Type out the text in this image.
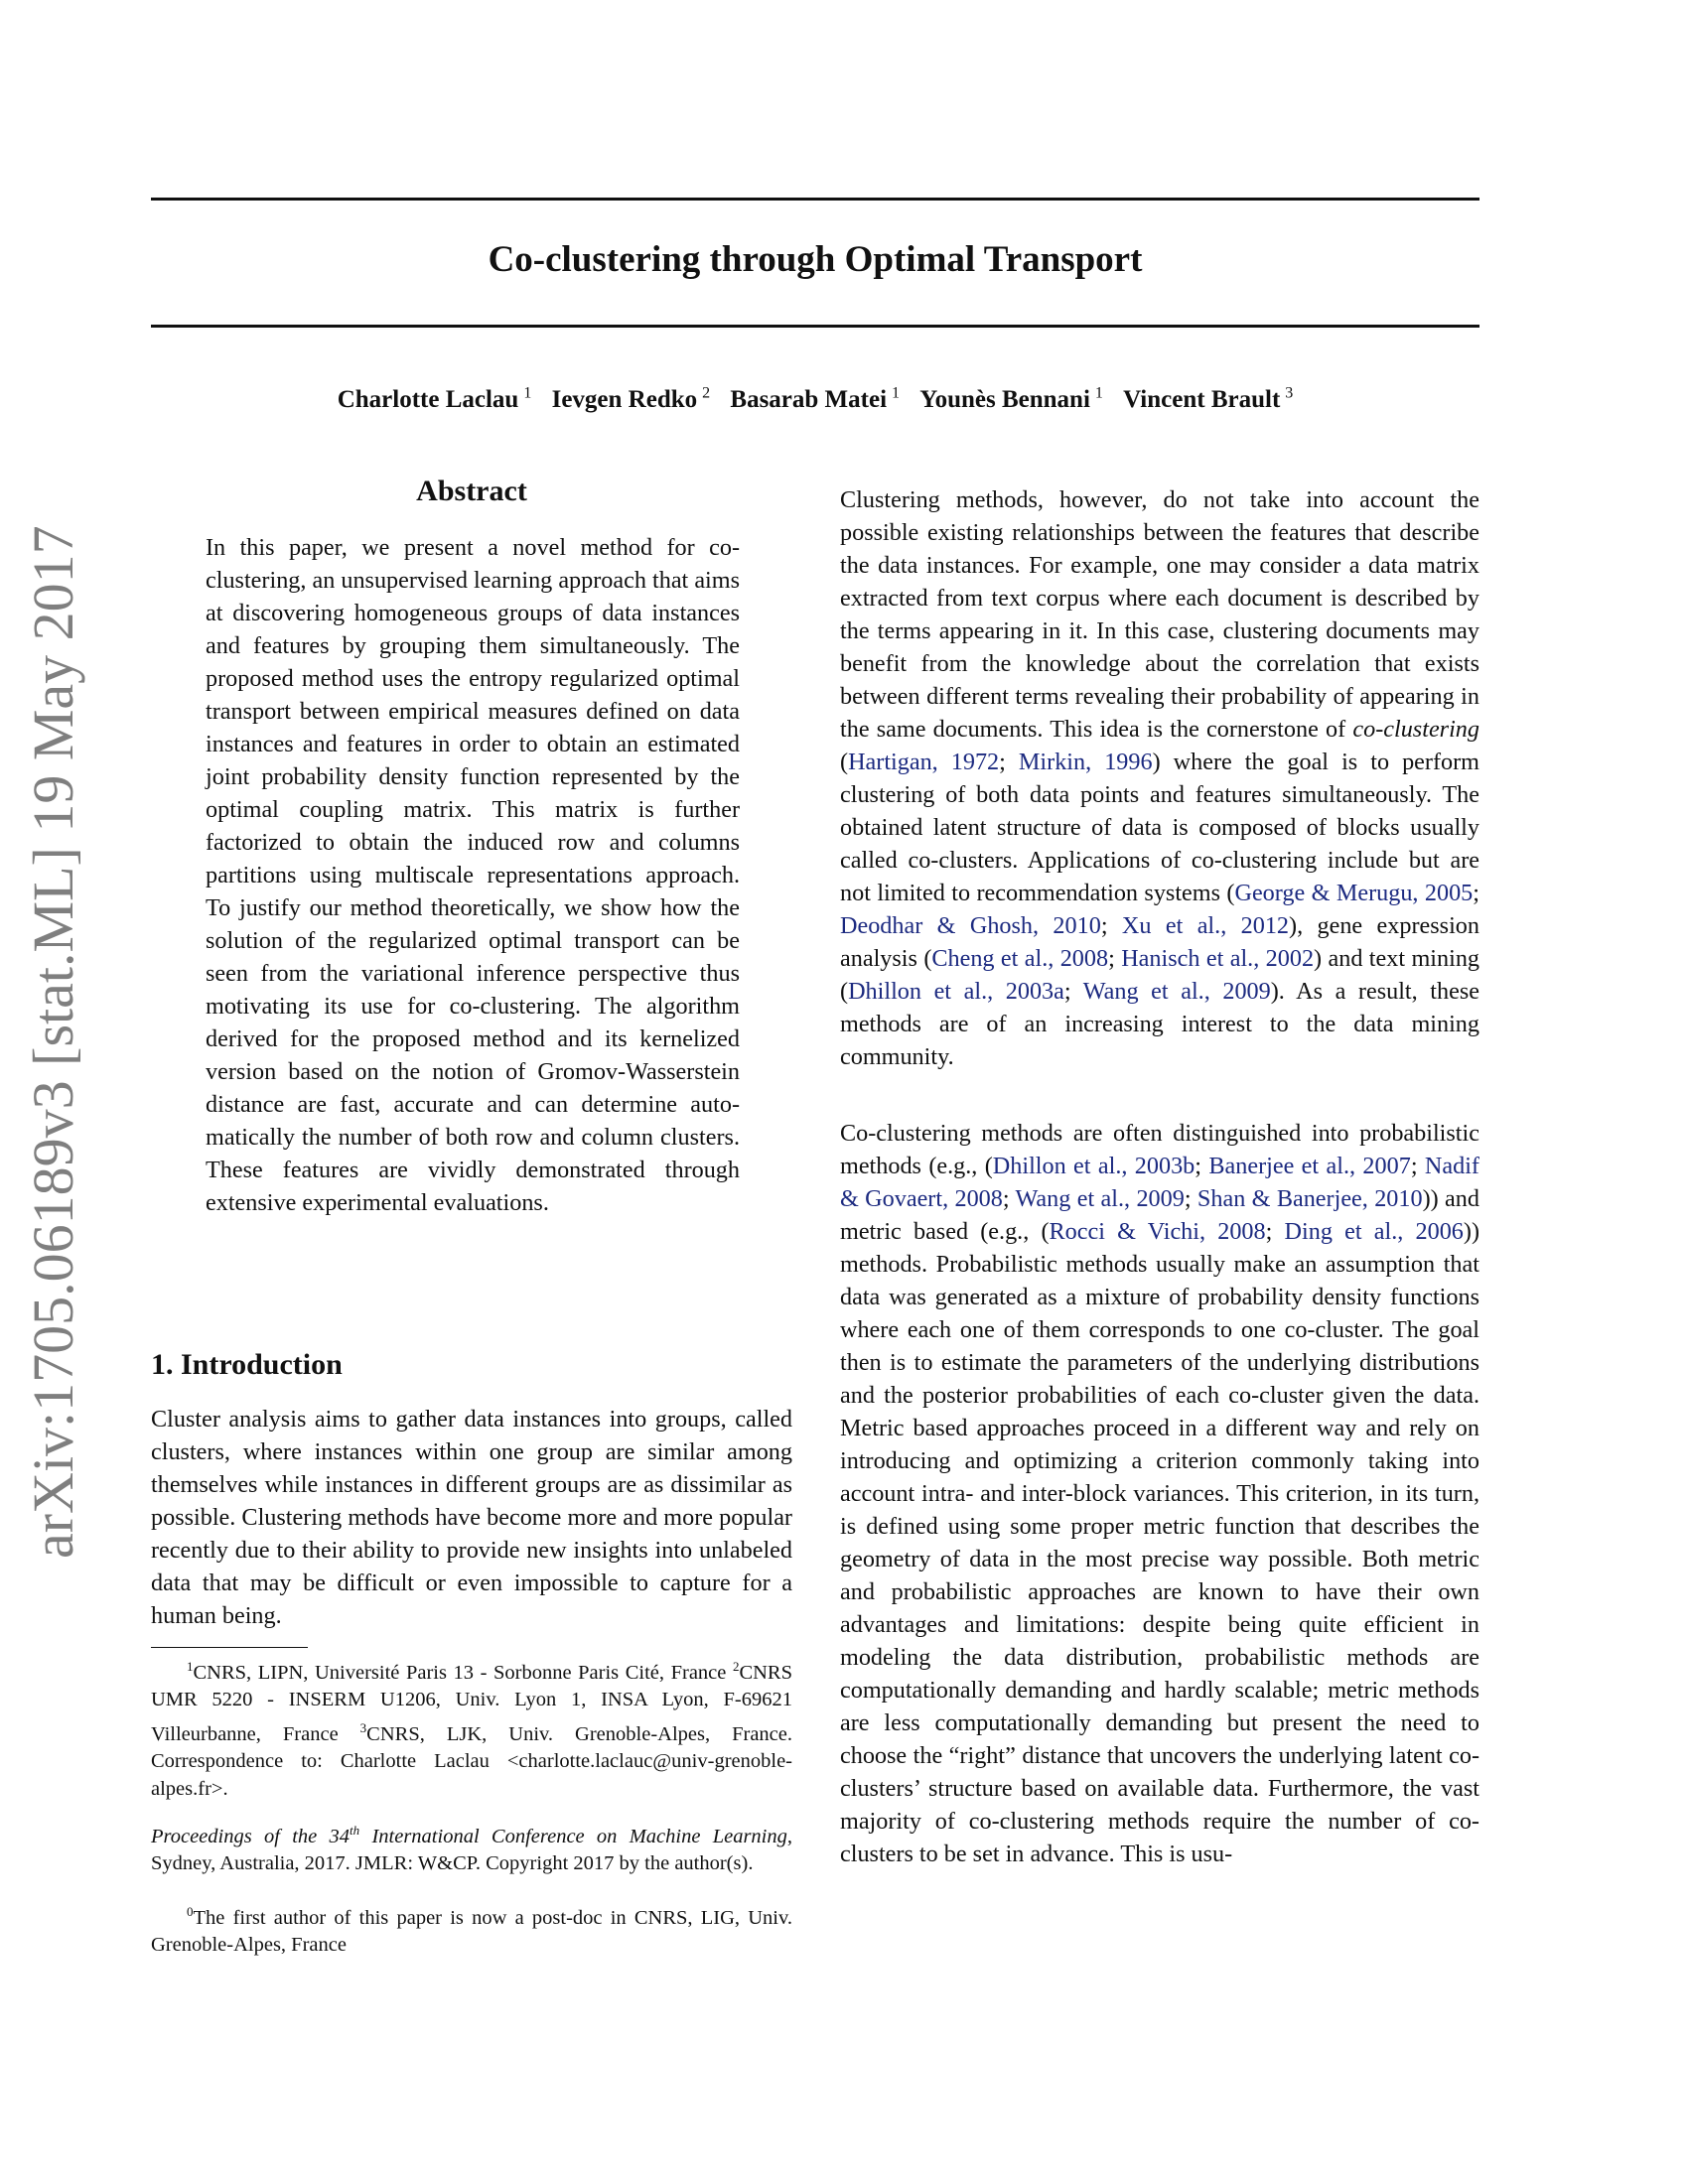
arXiv:1705.06189v3 [stat.ML] 19 May 2017
Co-clustering through Optimal Transport
Charlotte Laclau  $^1$ Ievgen Redko  $^2$ Basarab Matei  $^1$ Younès Bennani  $^1$ Vincent Brault  $^3$
Abstract

In this paper, we present a novel method for co-clustering, an unsupervised learning approach that aims at discovering homogeneous groups of data instances and features by grouping them simultaneously. The proposed method uses the entropy regularized optimal transport between empirical measures defined on data instances and features in order to obtain an estimated joint probability density function represented by the optimal coupling matrix. This matrix is further factorized to obtain the induced row and columns partitions using multiscale representations approach. To justify our method theoretically, we show how the solution of the regularized optimal transport can be seen from the variational inference perspective thus motivating its use for co-clustering. The algorithm derived for the proposed method and its kernelized version based on the notion of Gromov-Wasserstein distance are fast, accurate and can determine automatically the number of both row and column clusters. These features are vividly demonstrated through extensive experimental evaluations.

1. Introduction

Cluster analysis aims to gather data instances into groups, called clusters, where instances within one group are similar among themselves while instances in different groups are as dissimilar as possible. Clustering methods have become more and more popular recently due to their ability to provide new insights into unlabeled data that may be difficult or even impossible to capture for a human being.

$^1$CNRS, LIPN, Université Paris 13 - Sorbonne Paris Cité, France $^2$CNRS UMR 5220 - INSERM U1206, Univ. Lyon 1, INSA Lyon, F-69621 Villeurbanne, France $^3$CNRS, LJK, Univ. Grenoble-Alpes, France. Correspondence to: Charlotte Laclau <charlotte.laclauc@univ-grenoble-alpes.fr>.

Proceedings of the 34th International Conference on Machine Learning, Sydney, Australia, 2017. JMLR: W&CP. Copyright 2017 by the author(s).

$^0$The first author of this paper is now a post-doc in CNRS, LIG, Univ. Grenoble-Alpes, France

Clustering methods, however, do not take into account the possible existing relationships between the features that describe the data instances. For example, one may consider a data matrix extracted from text corpus where each document is described by the terms appearing in it. In this case, clustering documents may benefit from the knowledge about the correlation that exists between different terms revealing their probability of appearing in the same documents. This idea is the cornerstone of co-clustering (Hartigan, 1972; Mirkin, 1996) where the goal is to perform clustering of both data points and features simultaneously. The obtained latent structure of data is composed of blocks usually called co-clusters. Applications of co-clustering include but are not limited to recommendation systems (George & Merugu, 2005; Deodhar & Ghosh, 2010; Xu et al., 2012), gene expression analysis (Cheng et al., 2008; Hanisch et al., 2002) and text mining (Dhillon et al., 2003a; Wang et al., 2009). As a result, these methods are of an increasing interest to the data mining community.

Co-clustering methods are often distinguished into probabilistic methods (e.g., (Dhillon et al., 2003b; Banerjee et al., 2007; Nadif & Govaert, 2008; Wang et al., 2009; Shan & Banerjee, 2010)) and metric based (e.g., (Rocci & Vichi, 2008; Ding et al., 2006)) methods. Probabilistic methods usually make an assumption that data was generated as a mixture of probability density functions where each one of them corresponds to one co-cluster. The goal then is to estimate the parameters of the underlying distributions and the posterior probabilities of each co-cluster given the data. Metric based approaches proceed in a different way and rely on introducing and optimizing a criterion commonly taking into account intra- and inter-block variances. This criterion, in its turn, is defined using some proper metric function that describes the geometry of data in the most precise way possible. Both metric and probabilistic approaches are known to have their own advantages and limitations: despite being quite efficient in modeling the data distribution, probabilistic methods are computationally demanding and hardly scalable; metric methods are less computationally demanding but present the need to choose the “right” distance that uncovers the underlying latent co-clusters’ structure based on available data. Furthermore, the vast majority of co-clustering methods require the number of co-clusters to be set in advance. This is usu-
